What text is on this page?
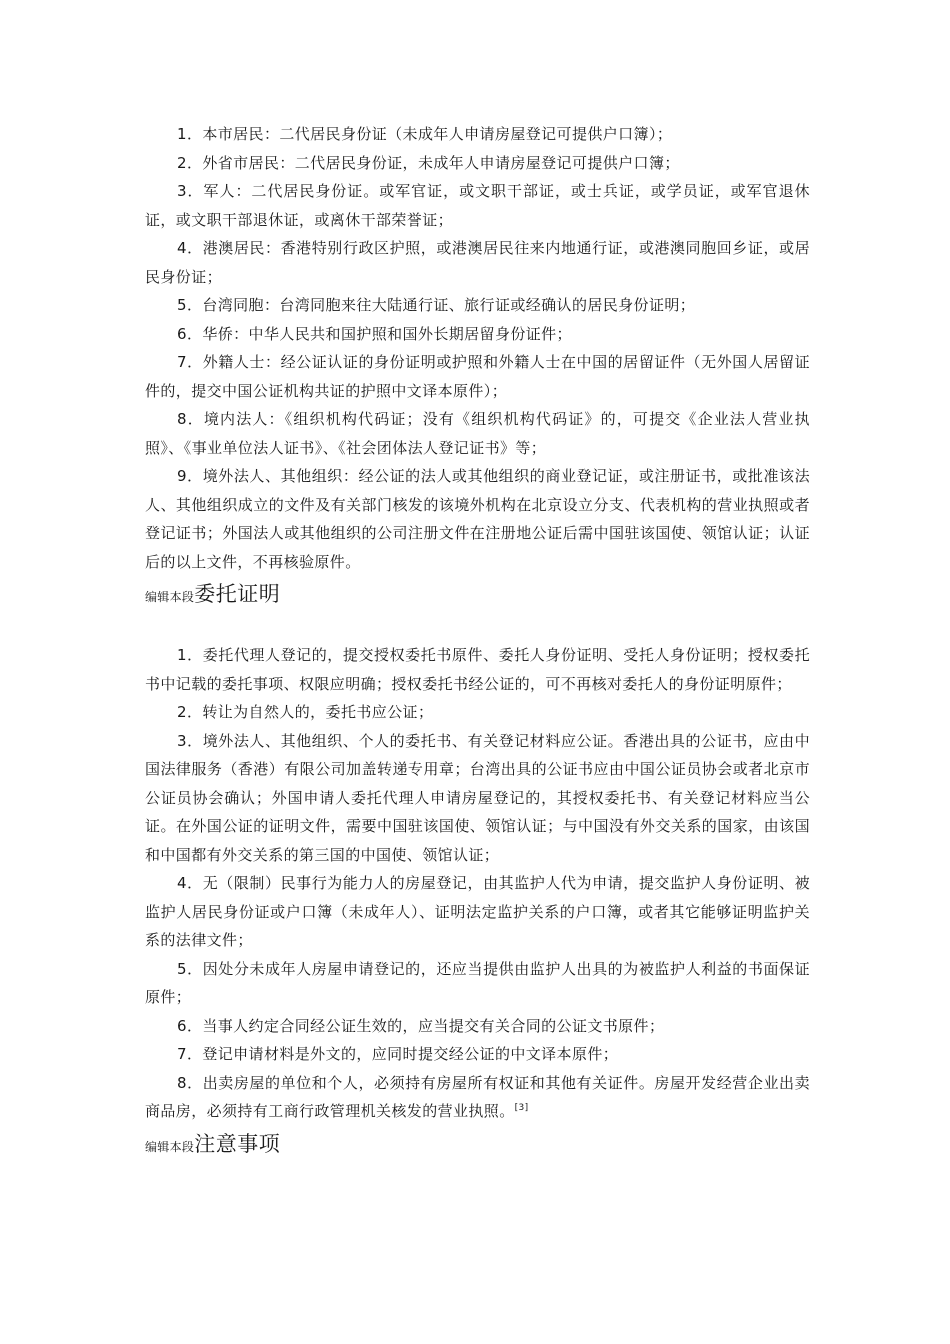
1．本市居民：二代居民身份证（未成年人申请房屋登记可提供户口簿）；

2．外省市居民：二代居民身份证，未成年人申请房屋登记可提供户口簿；

3．军人：二代居民身份证。或军官证，或文职干部证，或士兵证，或学员证，或军官退休证，或文职干部退休证，或离休干部荣誉证；

4．港澳居民：香港特别行政区护照，或港澳居民往来内地通行证，或港澳同胞回乡证，或居民身份证；

5．台湾同胞：台湾同胞来往大陆通行证、旅行证或经确认的居民身份证明；

6．华侨：中华人民共和国护照和国外长期居留身份证件；

7．外籍人士：经公证认证的身份证明或护照和外籍人士在中国的居留证件（无外国人居留证件的，提交中国公证机构共证的护照中文译本原件）；

8．境内法人：《组织机构代码证；没有《组织机构代码证》的，可提交《企业法人营业执照》、《事业单位法人证书》、《社会团体法人登记证书》等；

9．境外法人、其他组织：经公证的法人或其他组织的商业登记证，或注册证书，或批准该法人、其他组织成立的文件及有关部门核发的该境外机构在北京设立分支、代表机构的营业执照或者登记证书；外国法人或其他组织的公司注册文件在注册地公证后需中国驻该国使、领馆认证；认证后的以上文件，不再核验原件。

编辑本段委托证明

1．委托代理人登记的，提交授权委托书原件、委托人身份证明、受托人身份证明；授权委托书中记载的委托事项、权限应明确；授权委托书经公证的，可不再核对委托人的身份证明原件；

2．转让为自然人的，委托书应公证；

3．境外法人、其他组织、个人的委托书、有关登记材料应公证。香港出具的公证书，应由中国法律服务（香港）有限公司加盖转递专用章；台湾出具的公证书应由中国公证员协会或者北京市公证员协会确认；外国申请人委托代理人申请房屋登记的，其授权委托书、有关登记材料应当公证。在外国公证的证明文件，需要中国驻该国使、领馆认证；与中国没有外交关系的国家，由该国和中国都有外交关系的第三国的中国使、领馆认证；

4．无（限制）民事行为能力人的房屋登记，由其监护人代为申请，提交监护人身份证明、被监护人居民身份证或户口簿（未成年人）、证明法定监护关系的户口簿，或者其它能够证明监护关系的法律文件；

5．因处分未成年人房屋申请登记的，还应当提供由监护人出具的为被监护人利益的书面保证原件；

6．当事人约定合同经公证生效的，应当提交有关合同的公证文书原件；

7．登记申请材料是外文的，应同时提交经公证的中文译本原件；

8．出卖房屋的单位和个人，必须持有房屋所有权证和其他有关证件。房屋开发经营企业出卖商品房，必须持有工商行政管理机关核发的营业执照。[3]

编辑本段注意事项
